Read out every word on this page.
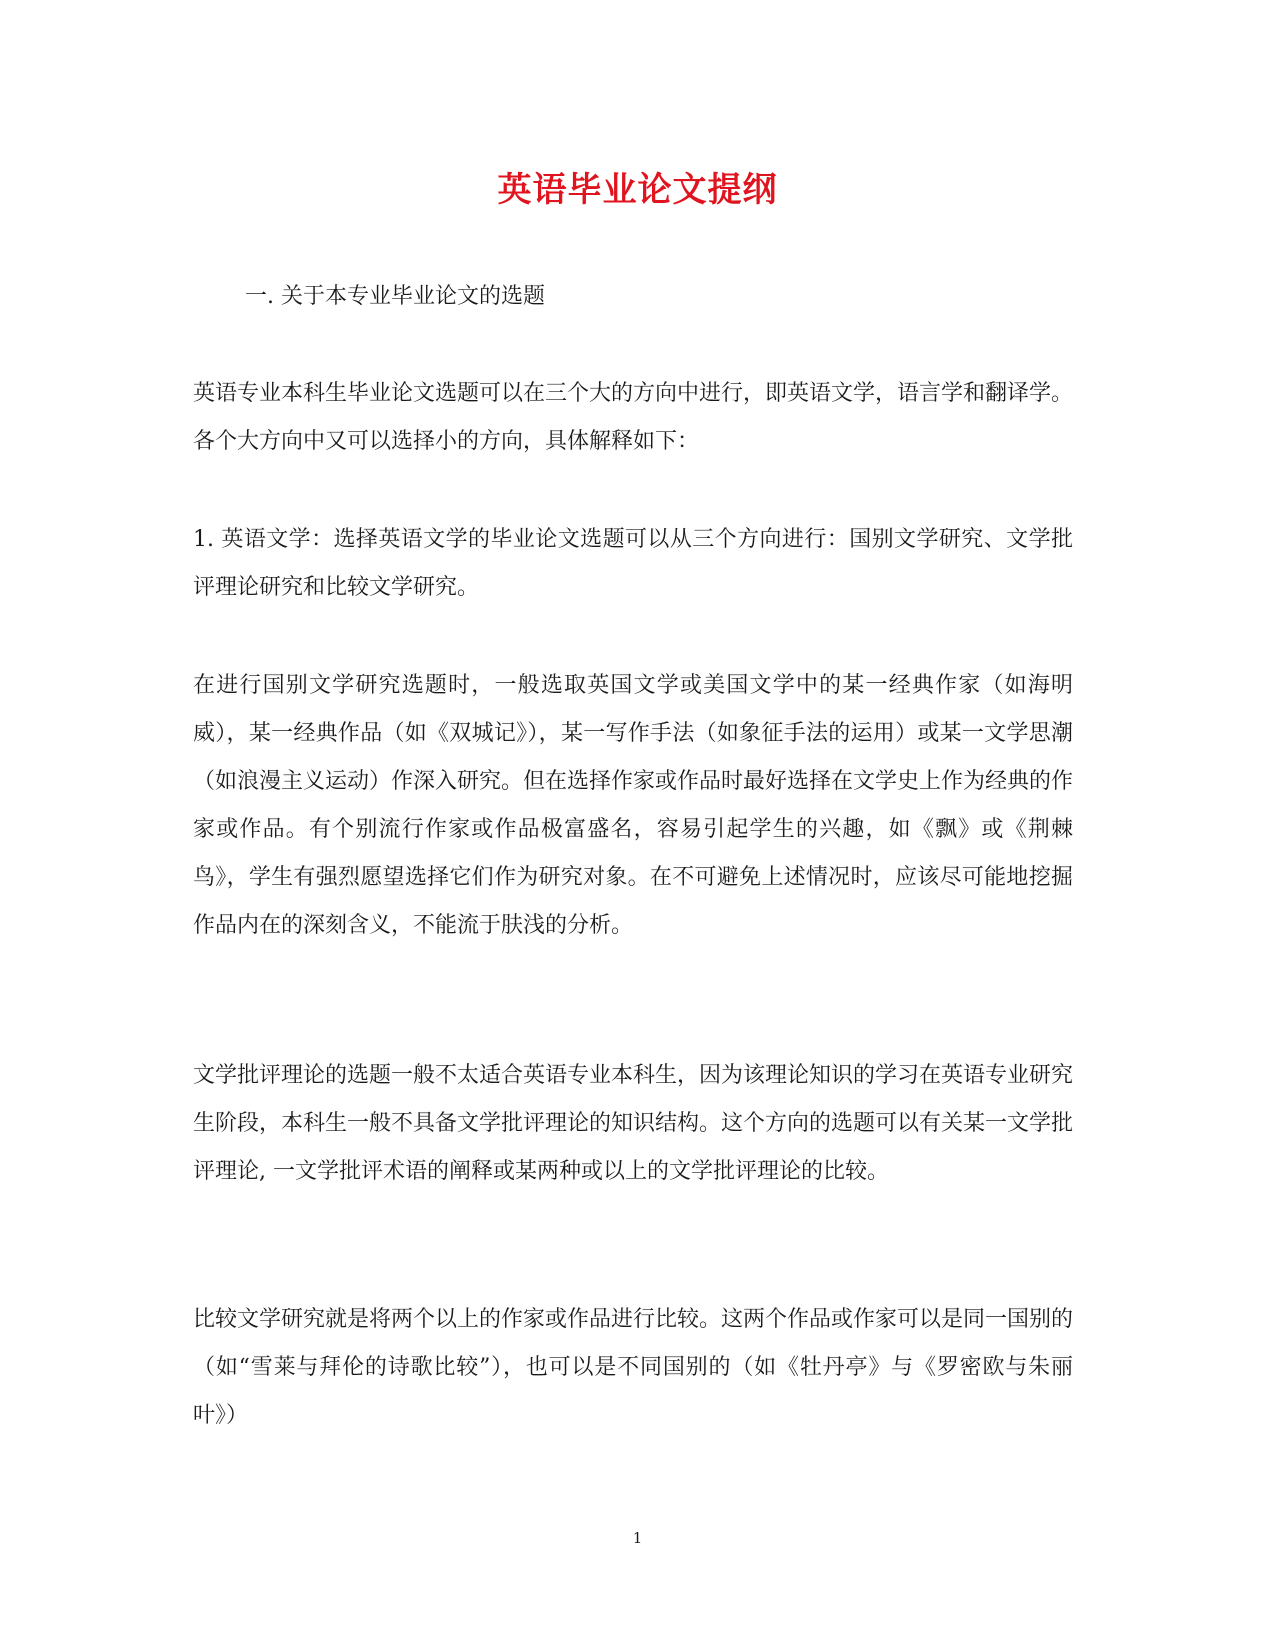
英语毕业论文提纲

一. 关于本专业毕业论文的选题

英语专业本科生毕业论文选题可以在三个大的方向中进行，即英语文学，语言学和翻译学。各个大方向中又可以选择小的方向，具体解释如下：

1. 英语文学：选择英语文学的毕业论文选题可以从三个方向进行：国别文学研究、文学批评理论研究和比较文学研究。

在进行国别文学研究选题时，一般选取英国文学或美国文学中的某一经典作家（如海明威），某一经典作品（如《双城记》），某一写作手法（如象征手法的运用）或某一文学思潮（如浪漫主义运动）作深入研究。但在选择作家或作品时最好选择在文学史上作为经典的作家或作品。有个别流行作家或作品极富盛名，容易引起学生的兴趣，如《飘》或《荆棘鸟》，学生有强烈愿望选择它们作为研究对象。在不可避免上述情况时，应该尽可能地挖掘作品内在的深刻含义，不能流于肤浅的分析。

文学批评理论的选题一般不太适合英语专业本科生，因为该理论知识的学习在英语专业研究生阶段，本科生一般不具备文学批评理论的知识结构。这个方向的选题可以有关某一文学批评理论, 一文学批评术语的阐释或某两种或以上的文学批评理论的比较。

比较文学研究就是将两个以上的作家或作品进行比较。这两个作品或作家可以是同一国别的（如“雪莱与拜伦的诗歌比较”），也可以是不同国别的（如《牡丹亭》与《罗密欧与朱丽叶》）

1
